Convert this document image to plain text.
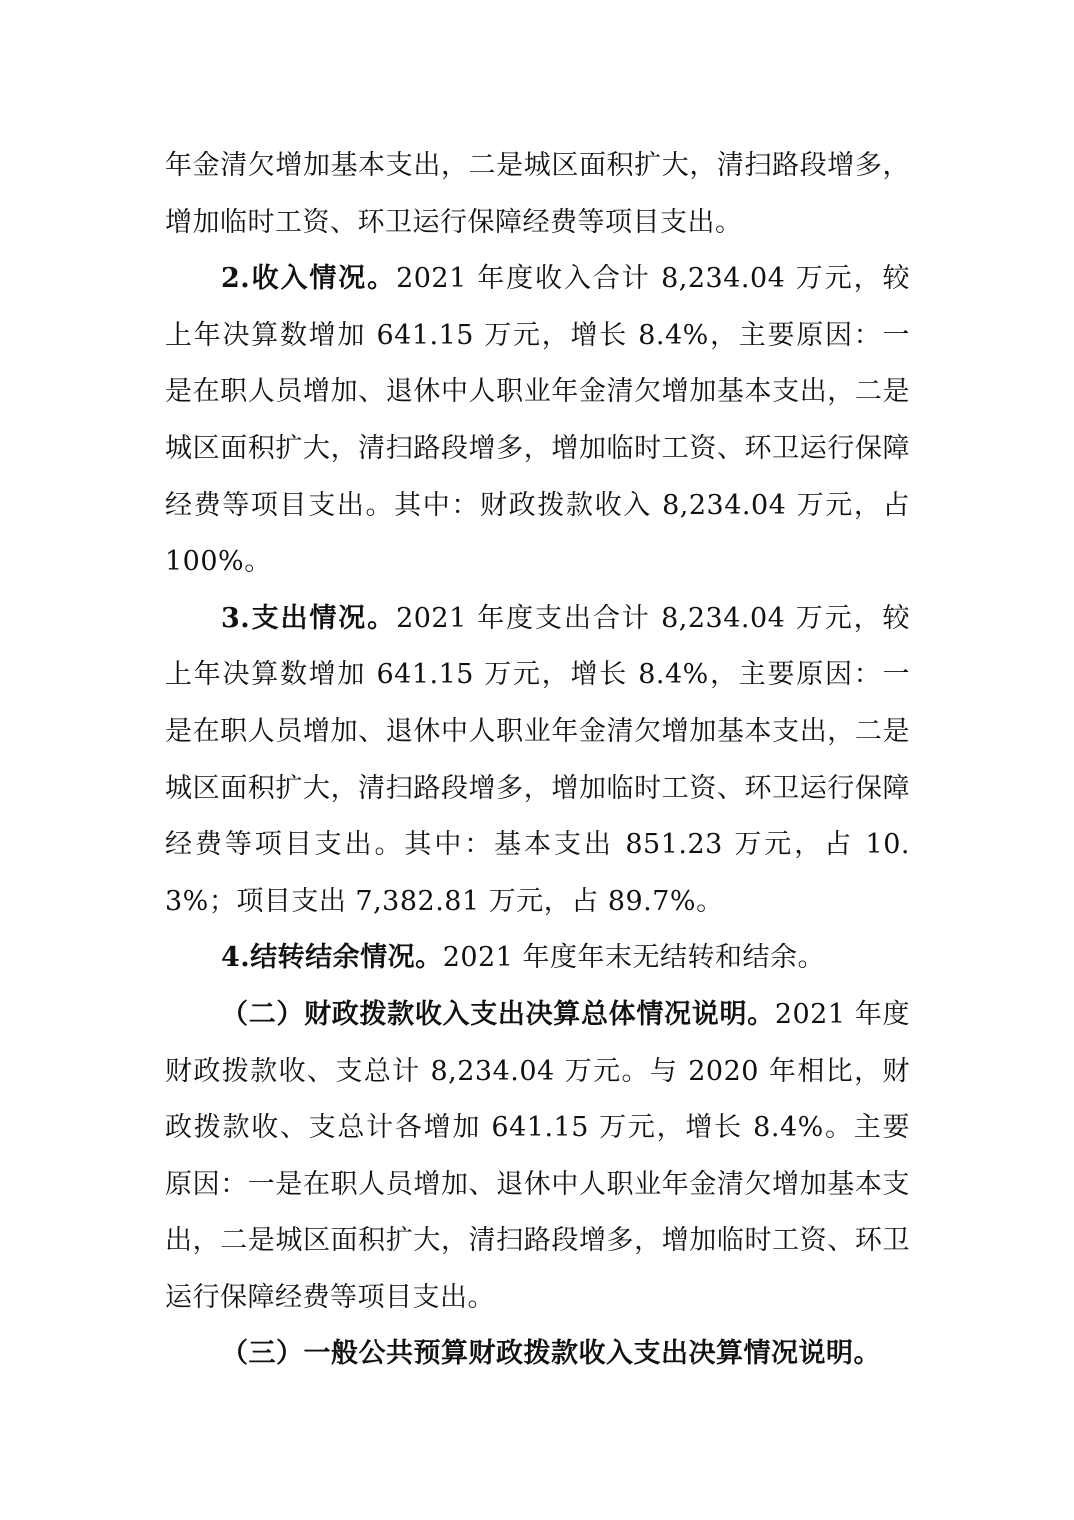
年金清欠增加基本支出，二是城区面积扩大，清扫路段增多，增加临时工资、环卫运行保障经费等项目支出。

2.收入情况。2021 年度收入合计 8,234.04 万元，较上年决算数增加 641.15 万元，增长 8.4%，主要原因：一是在职人员增加、退休中人职业年金清欠增加基本支出，二是城区面积扩大，清扫路段增多，增加临时工资、环卫运行保障经费等项目支出。其中：财政拨款收入 8,234.04 万元，占 100%。

3.支出情况。2021 年度支出合计 8,234.04 万元，较上年决算数增加 641.15 万元，增长 8.4%，主要原因：一是在职人员增加、退休中人职业年金清欠增加基本支出，二是城区面积扩大，清扫路段增多，增加临时工资、环卫运行保障经费等项目支出。其中：基本支出 851.23 万元，占 10.3%；项目支出 7,382.81 万元，占 89.7%。

4.结转结余情况。2021 年度年末无结转和结余。

（二）财政拨款收入支出决算总体情况说明。2021 年度财政拨款收、支总计 8,234.04 万元。与 2020 年相比，财政拨款收、支总计各增加 641.15 万元，增长 8.4%。主要原因：一是在职人员增加、退休中人职业年金清欠增加基本支出，二是城区面积扩大，清扫路段增多，增加临时工资、环卫运行保障经费等项目支出。

（三）一般公共预算财政拨款收入支出决算情况说明。
